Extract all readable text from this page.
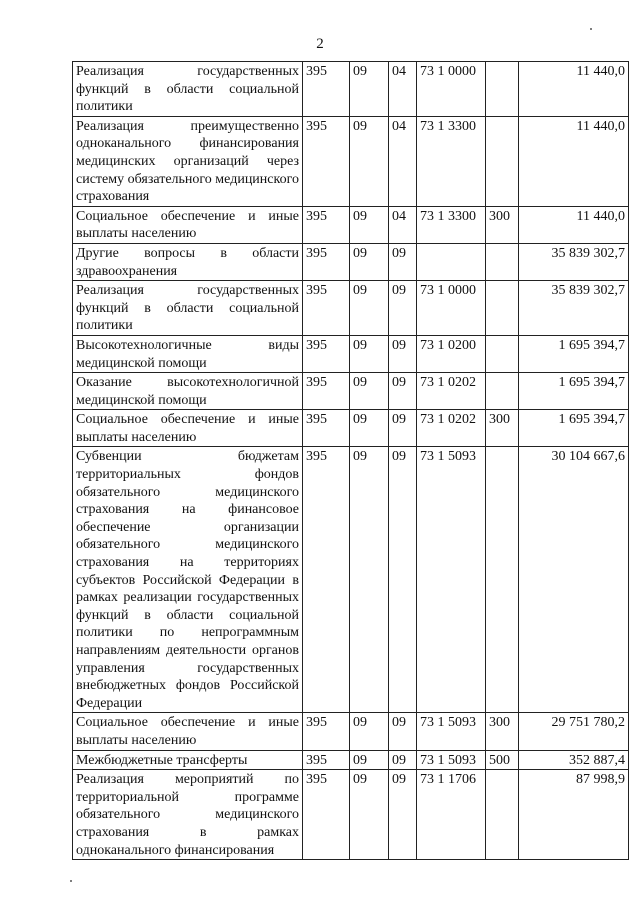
2
Реализация государственных функций в области социальной политики	395	09	04	73 1 0000		11 440,0
Реализация преимущественно одноканального финансирования медицинских организаций через систему обязательного медицинского страхования	395	09	04	73 1 3300		11 440,0
Социальное обеспечение и иные выплаты населению	395	09	04	73 1 3300	300	11 440,0
Другие вопросы в области здравоохранения	395	09	09			35 839 302,7
Реализация государственных функций в области социальной политики	395	09	09	73 1 0000		35 839 302,7
Высокотехнологичные виды медицинской помощи	395	09	09	73 1 0200		1 695 394,7
Оказание высокотехнологичной медицинской помощи	395	09	09	73 1 0202		1 695 394,7
Социальное обеспечение и иные выплаты населению	395	09	09	73 1 0202	300	1 695 394,7
Субвенции бюджетам территориальных фондов обязательного медицинского страхования на финансовое обеспечение организации обязательного медицинского страхования на территориях субъектов Российской Федерации в рамках реализации государственных функций в области социальной политики по непрограммным направлениям деятельности органов управления государственных внебюджетных фондов Российской Федерации	395	09	09	73 1 5093		30 104 667,6
Социальное обеспечение и иные выплаты населению	395	09	09	73 1 5093	300	29 751 780,2
Межбюджетные трансферты	395	09	09	73 1 5093	500	352 887,4
Реализация мероприятий по территориальной программе обязательного медицинского страхования в рамках одноканального финансирования	395	09	09	73 1 1706		87 998,9
